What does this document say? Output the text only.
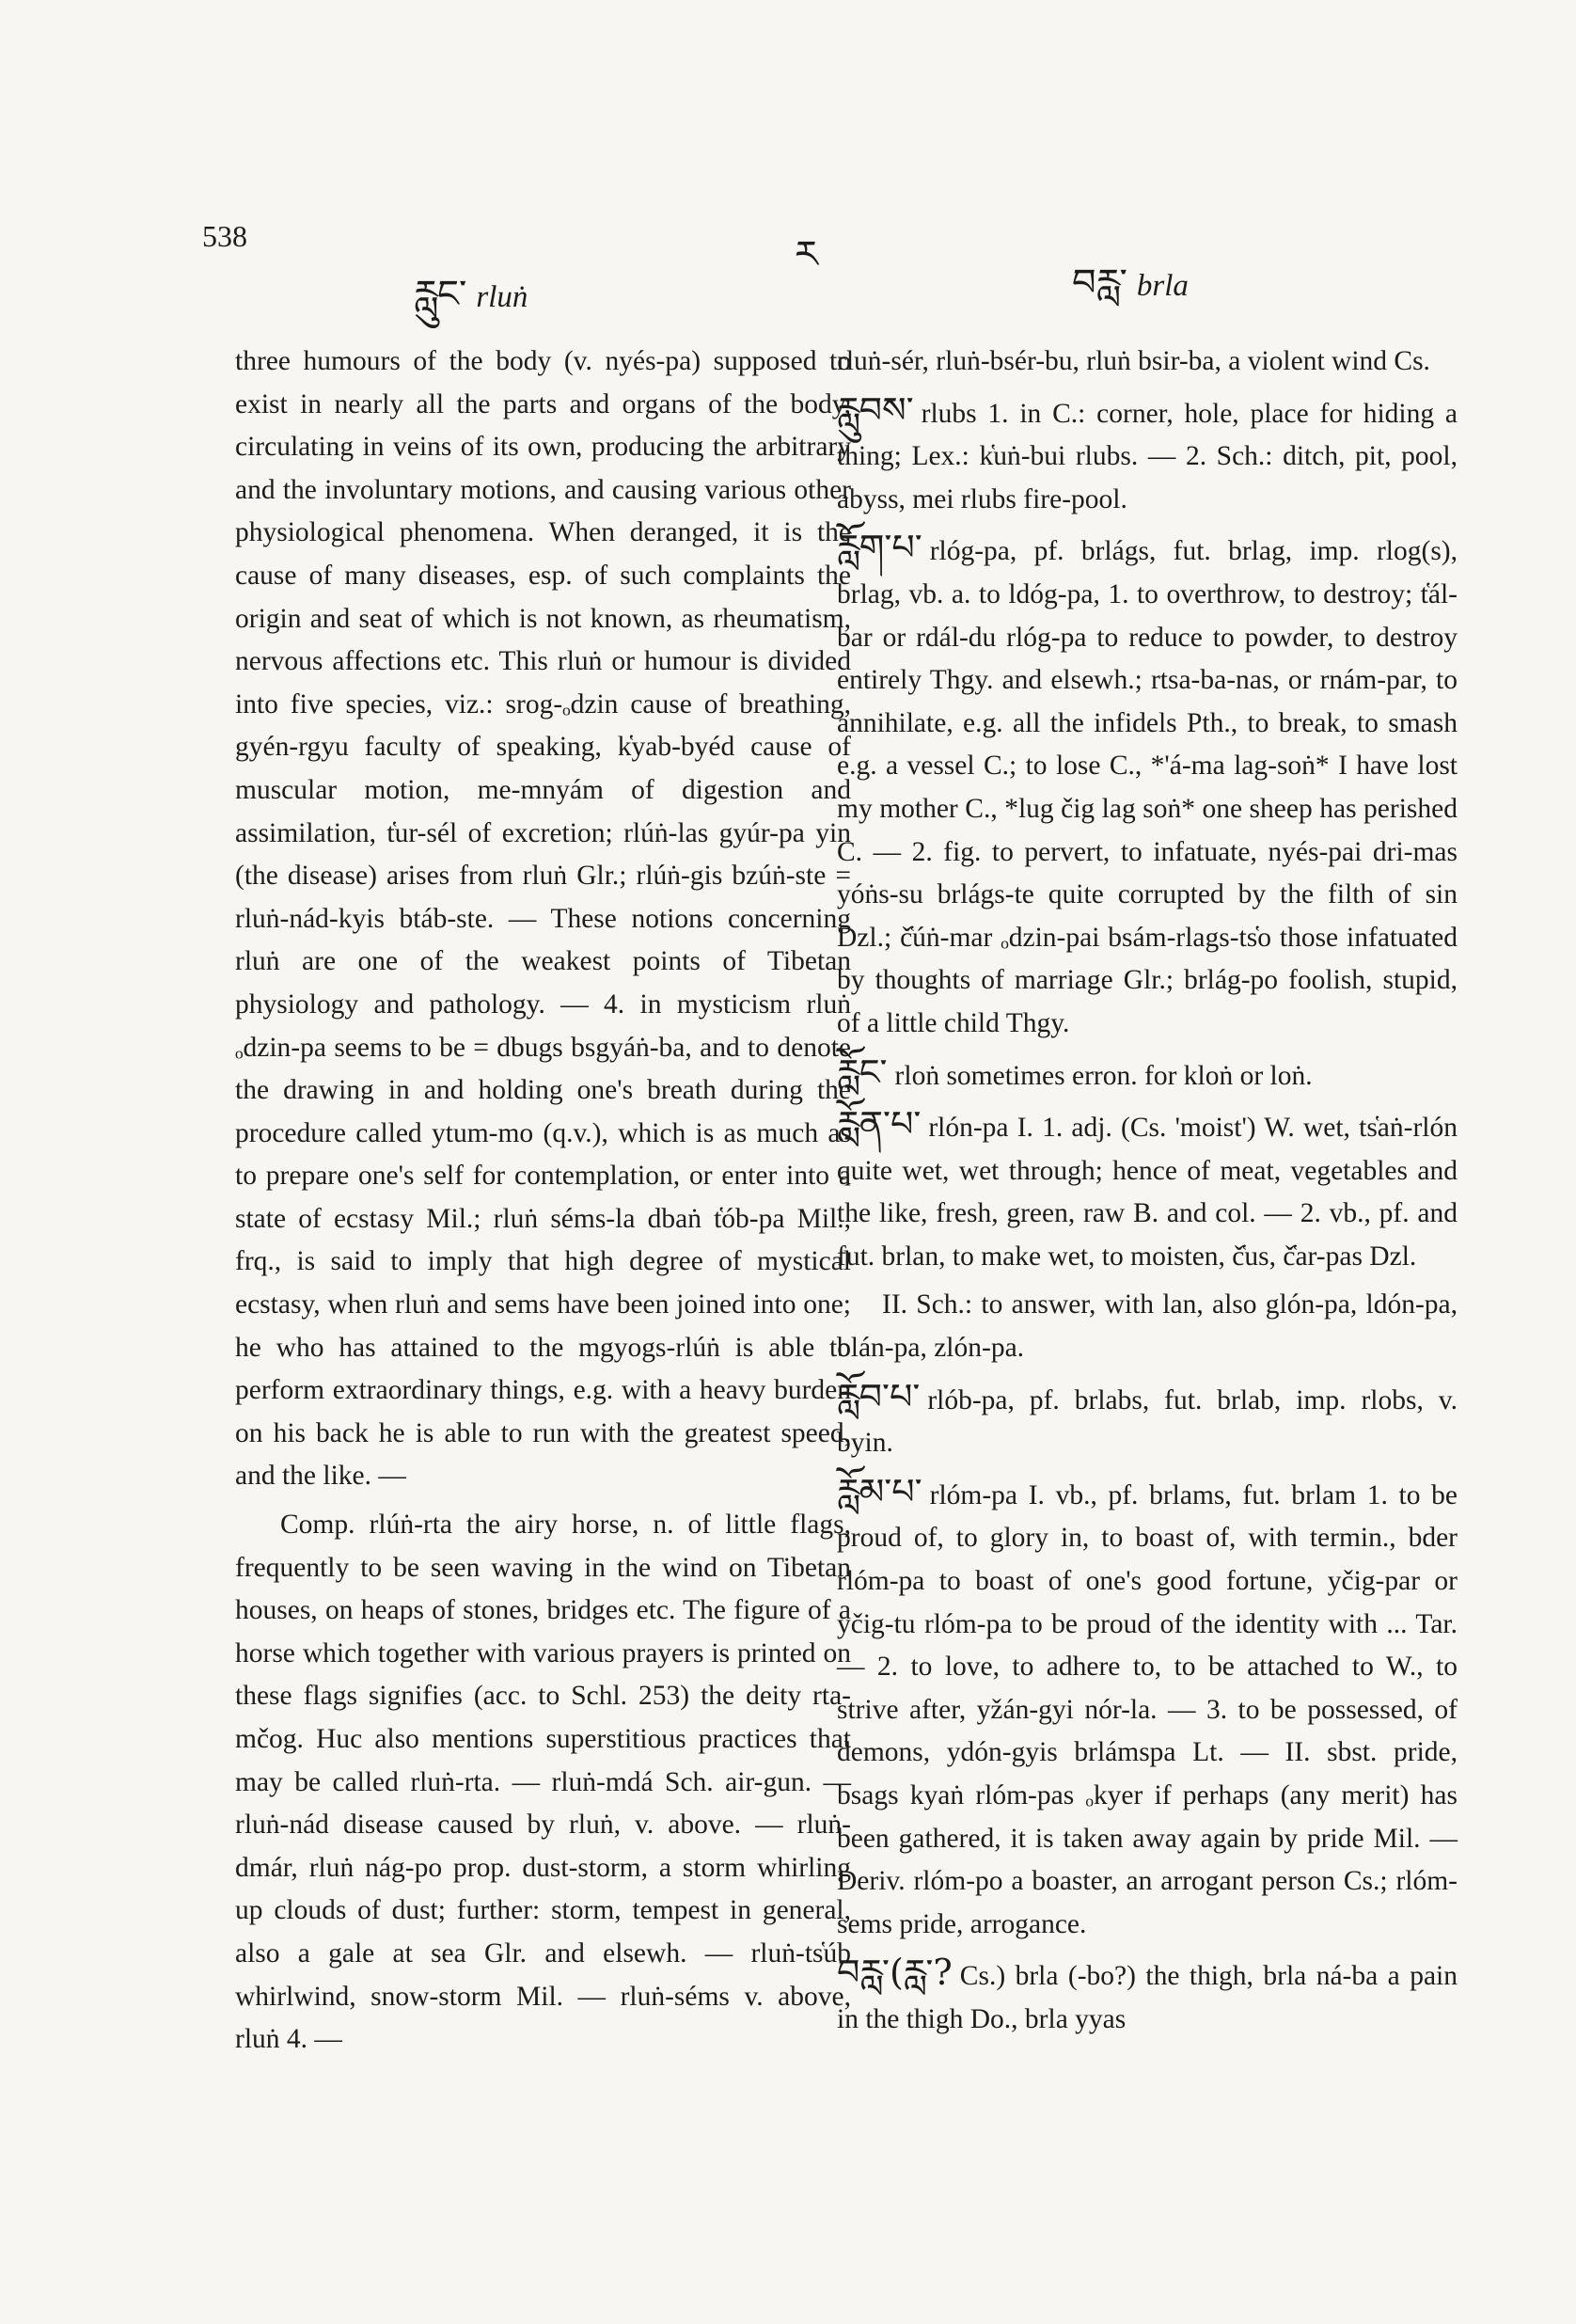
538	ར
རླུང་ rluṅ	བརླ་ brla

three humours of the body (v. nyés-pa) supposed to exist in nearly all the parts and organs of the body, circulating in veins of its own, producing the arbitrary and the involuntary motions, and causing various other physiological phenomena. When deranged, it is the cause of many diseases, esp. of such complaints the origin and seat of which is not known, as rheumatism, nervous affections etc. This rluṅ or humour is divided into five species, viz.: srog-ₒdzin cause of breathing, gyén-rgyu faculty of speaking, k̔yab-byéd cause of muscular motion, me-mnyám of digestion and assimilation, t̔ur-sél of excretion; rlúṅ-las gyúr-pa yin (the disease) arises from rluṅ Glr.; rlúṅ-gis bzúṅ-ste = rluṅ-nád-kyis btáb-ste. — These notions concerning rluṅ are one of the weakest points of Tibetan physiology and pathology. — 4. in mysticism rluṅ ₒdzin-pa seems to be = dbugs bsgyáṅ-ba, and to denote the drawing in and holding one's breath during the procedure called ytum-mo (q.v.), which is as much as to prepare one's self for contemplation, or enter into a state of ecstasy Mil.; rluṅ séms-la dbaṅ t̔ób-pa Mil., frq., is said to imply that high degree of mystical ecstasy, when rluṅ and sems have been joined into one; he who has attained to the mgyogs-rlúṅ is able to perform extraordinary things, e.g. with a heavy burden on his back he is able to run with the greatest speed, and the like. —

Comp. rlúṅ-rta the airy horse, n. of little flags, frequently to be seen waving in the wind on Tibetan houses, on heaps of stones, bridges etc. The figure of a horse which together with various prayers is printed on these flags signifies (acc. to Schl. 253) the deity rta-mčog. Huc also mentions superstitious practices that may be called rluṅ-rta. — rluṅ-mdá Sch. air-gun. — rluṅ-nád disease caused by rluṅ, v. above. — rluṅ-dmár, rluṅ nág-po prop. dust-storm, a storm whirling up clouds of dust; further: storm, tempest in general, also a gale at sea Glr. and elsewh. — rluṅ-ts̔úb whirlwind, snow-storm Mil. — rluṅ-séms v. above, rluṅ 4. —

rluṅ-sér, rluṅ-bsér-bu, rluṅ bsir-ba, a violent wind Cs.

རླུབས་ rlubs 1. in C.: corner, hole, place for hiding a thing; Lex.: k̔uṅ-bui rlubs. — 2. Sch.: ditch, pit, pool, abyss, mei rlubs fire-pool.

རློག་པ་ rlóg-pa, pf. brlágs, fut. brlag, imp. rlog(s), brlag, vb. a. to ldóg-pa, 1. to overthrow, to destroy; t̔ál-bar or rdál-du rlóg-pa to reduce to powder, to destroy entirely Thgy. and elsewh.; rtsa-ba-nas, or rnám-par, to annihilate, e.g. all the infidels Pth., to break, to smash e.g. a vessel C.; to lose C., *'á-ma lag-soṅ* I have lost my mother C., *lug čig lag soṅ* one sheep has perished C. — 2. fig. to pervert, to infatuate, nyés-pai dri-mas yóṅs-su brlágs-te quite corrupted by the filth of sin Dzl.; č̔úṅ-mar ₒdzin-pai bsám-rlags-ts̔o those infatuated by thoughts of marriage Glr.; brlág-po foolish, stupid, of a little child Thgy.

རློང་ rloṅ sometimes erron. for kloṅ or loṅ.

རློན་པ་ rlón-pa I. 1. adj. (Cs. 'moist') W. wet, ts̔aṅ-rlón quite wet, wet through; hence of meat, vegetables and the like, fresh, green, raw B. and col. — 2. vb., pf. and fut. brlan, to make wet, to moisten, č̔us, č̔ar-pas Dzl.

II. Sch.: to answer, with lan, also glón-pa, ldón-pa, blán-pa, zlón-pa.

རློབ་པ་ rlób-pa, pf. brlabs, fut. brlab, imp. rlobs, v. byin.

རློམ་པ་ rlóm-pa I. vb., pf. brlams, fut. brlam 1. to be proud of, to glory in, to boast of, with termin., bder rlóm-pa to boast of one's good fortune, yčig-par or yčig-tu rlóm-pa to be proud of the identity with ... Tar. — 2. to love, to adhere to, to be attached to W., to strive after, yžán-gyi nór-la. — 3. to be possessed, of demons, ydón-gyis brlámspa Lt. — II. sbst. pride, bsags kyaṅ rlóm-pas ₒkyer if perhaps (any merit) has been gathered, it is taken away again by pride Mil. — Deriv. rlóm-po a boaster, an arrogant person Cs.; rlóm-sems pride, arrogance.

བརླ་(རླ་? Cs.) brla (-bo?) the thigh, brla ná-ba a pain in the thigh Do., brla yyas
